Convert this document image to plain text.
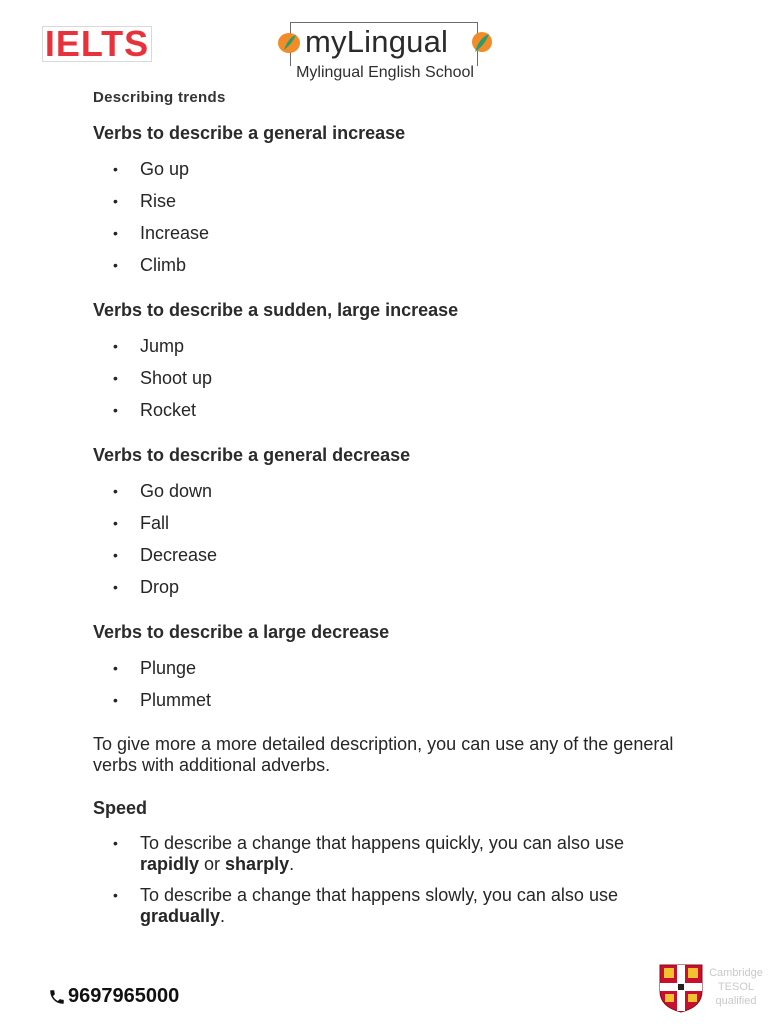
IELTS	myLingual
Mylingual English School
Describing trends
Verbs to describe a general increase
• Go up
• Rise
• Increase
• Climb
Verbs to describe a sudden, large increase
• Jump
• Shoot up
• Rocket
Verbs to describe a general decrease
• Go down
• Fall
• Decrease
• Drop
Verbs to describe a large decrease
• Plunge
• Plummet

To give more a more detailed description, you can use any of the general verbs with additional adverbs.

Speed
• To describe a change that happens quickly, you can also use rapidly or sharply.
• To describe a change that happens slowly, you can also use gradually.
9697965000
Cambridge
TESOL
qualified
